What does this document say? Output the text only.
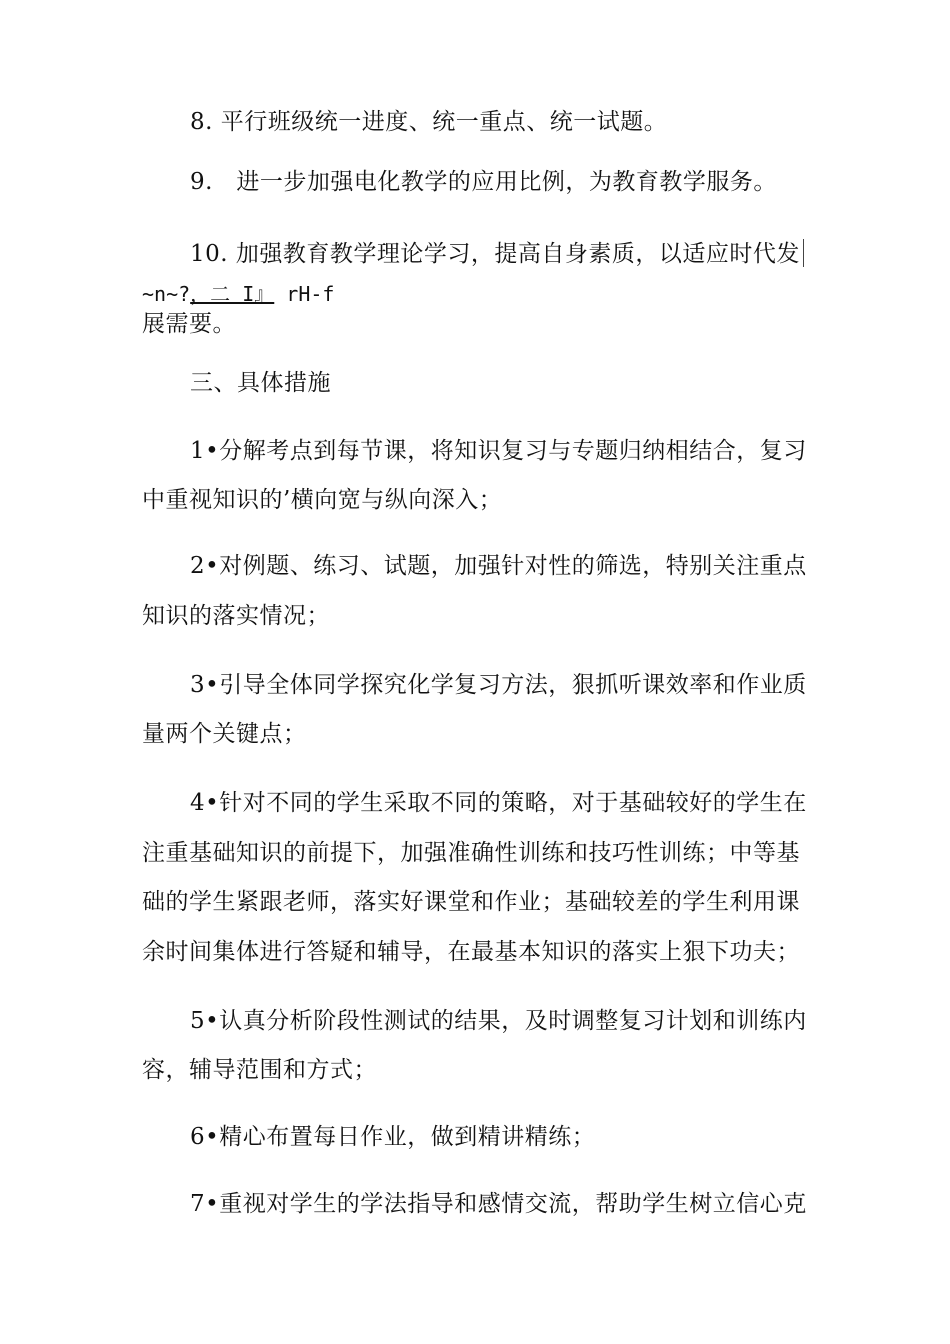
8. 平行班级统一进度、统一重点、统一试题。
9.   进一步加强电化教学的应用比例，为教育教学服务。
10. 加强教育教学理论学习，提高自身素质，以适应时代发
~n~?，二 I』 rH-f
展需要。
三、具体措施
1•分解考点到每节课，将知识复习与专题归纳相结合，复习
中重视知识的’横向宽与纵向深入；
2•对例题、练习、试题，加强针对性的筛选，特别关注重点
知识的落实情况；
3•引导全体同学探究化学复习方法，狠抓听课效率和作业质
量两个关键点；
4•针对不同的学生采取不同的策略，对于基础较好的学生在
注重基础知识的前提下，加强准确性训练和技巧性训练；中等基
础的学生紧跟老师，落实好课堂和作业；基础较差的学生利用课
余时间集体进行答疑和辅导，在最基本知识的落实上狠下功夫；
5•认真分析阶段性测试的结果，及时调整复习计划和训练内
容，辅导范围和方式；
6•精心布置每日作业，做到精讲精练；
7•重视对学生的学法指导和感情交流，帮助学生树立信心克
